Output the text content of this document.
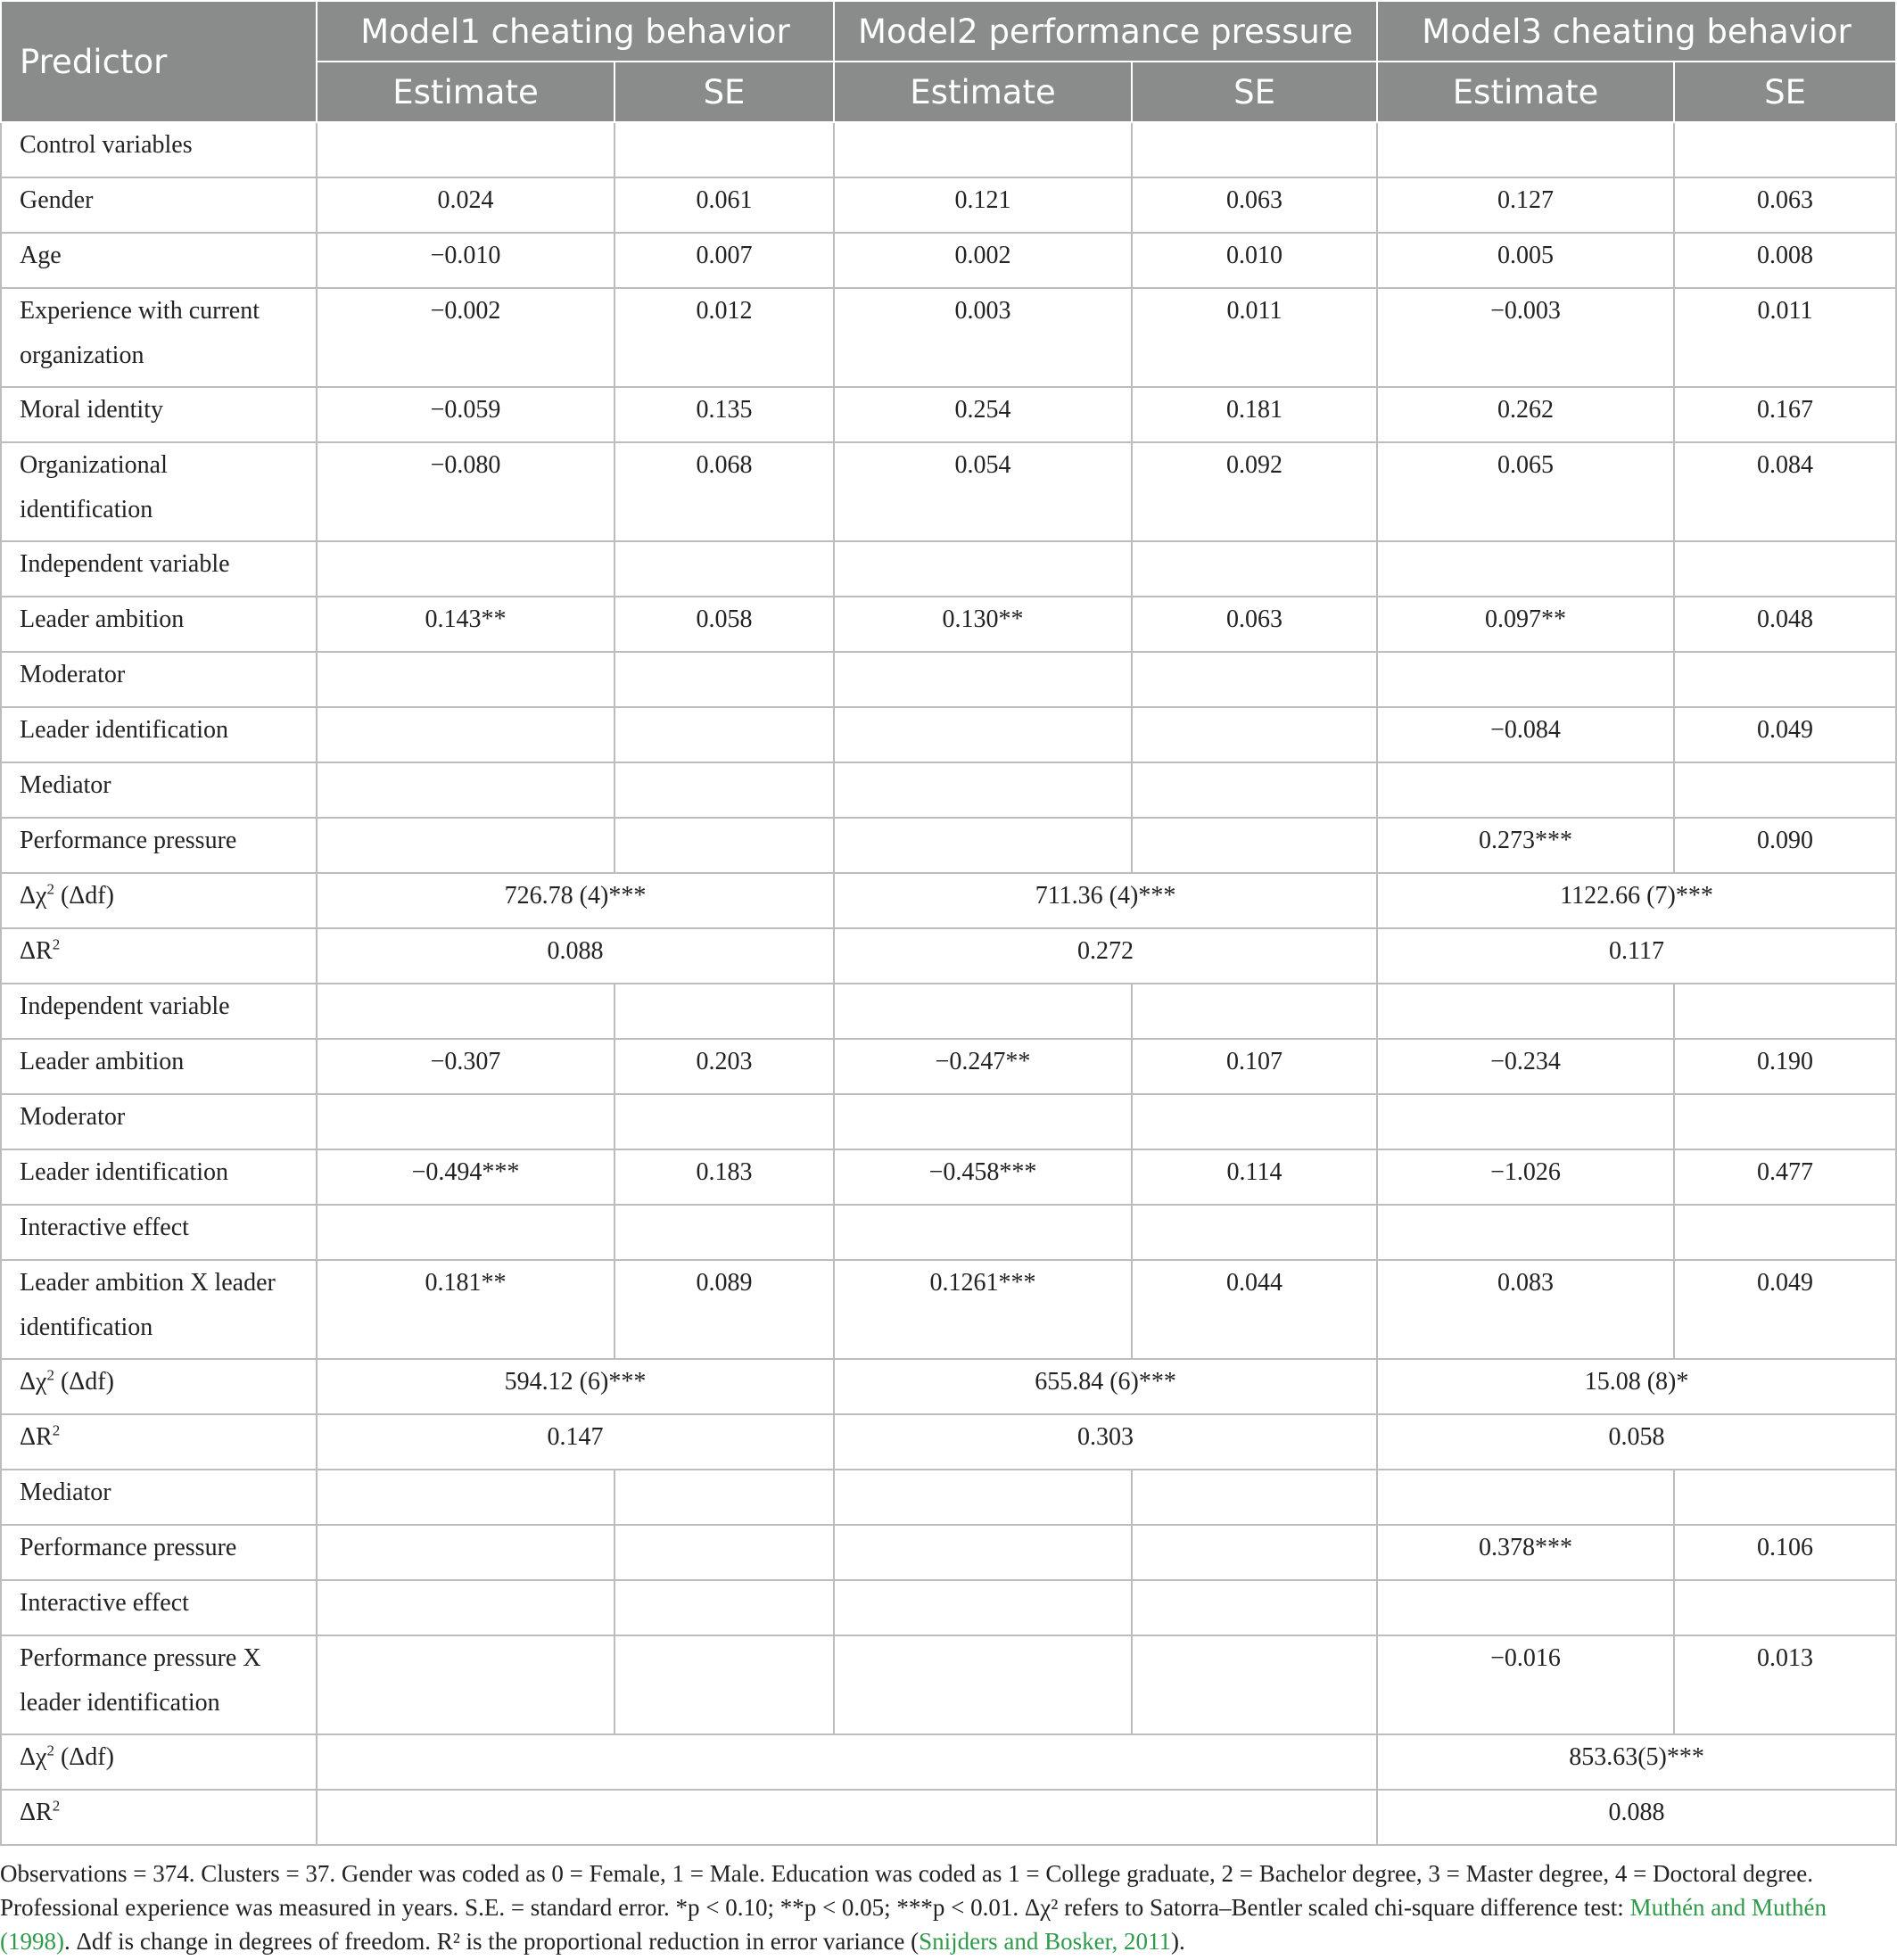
Predictor	Model1 cheating behavior		Model2 performance pressure		Model3 cheating behavior	
	Estimate	SE	Estimate	SE	Estimate	SE
Control variables						
Gender	0.024	0.061	0.121	0.063	0.127	0.063
Age	−0.010	0.007	0.002	0.010	0.005	0.008
Experience with current organization	−0.002	0.012	0.003	0.011	−0.003	0.011
Moral identity	−0.059	0.135	0.254	0.181	0.262	0.167
Organizational identification	−0.080	0.068	0.054	0.092	0.065	0.084
Independent variable						
Leader ambition	0.143**	0.058	0.130**	0.063	0.097**	0.048
Moderator						
Leader identification					−0.084	0.049
Mediator						
Performance pressure					0.273***	0.090
$\Delta\chi^2$ (Δdf)	726.78 (4)***		711.36 (4)***		1122.66 (7)***	
$\Delta R^2$	0.088		0.272		0.117	
Independent variable						
Leader ambition	−0.307	0.203	−0.247**	0.107	−0.234	0.190
Moderator						
Leader identification	−0.494***	0.183	−0.458***	0.114	−1.026	0.477
Interactive effect						
Leader ambition X leader identification	0.181**	0.089	0.1261***	0.044	0.083	0.049
$\Delta\chi^2$ (Δdf)	594.12 (6)***		655.84 (6)***		15.08 (8)*	
$\Delta R^2$	0.147		0.303		0.058	
Mediator						
Performance pressure					0.378***	0.106
Interactive effect						
Performance pressure X leader identification					−0.016	0.013
$\Delta\chi^2$ (Δdf)					853.63(5)***	
$\Delta R^2$					0.088	
Observations = 374. Clusters = 37. Gender was coded as 0 = Female, 1 = Male. Education was coded as 1 = College graduate, 2 = Bachelor degree, 3 = Master degree, 4 = Doctoral degree. Professional experience was measured in years. S.E. = standard error. *p < 0.10; **p < 0.05; ***p < 0.01. Δχ² refers to Satorra–Bentler scaled chi-square difference test: Muthén and Muthén (1998). Δdf is change in degrees of freedom. R² is the proportional reduction in error variance (Snijders and Bosker, 2011).
